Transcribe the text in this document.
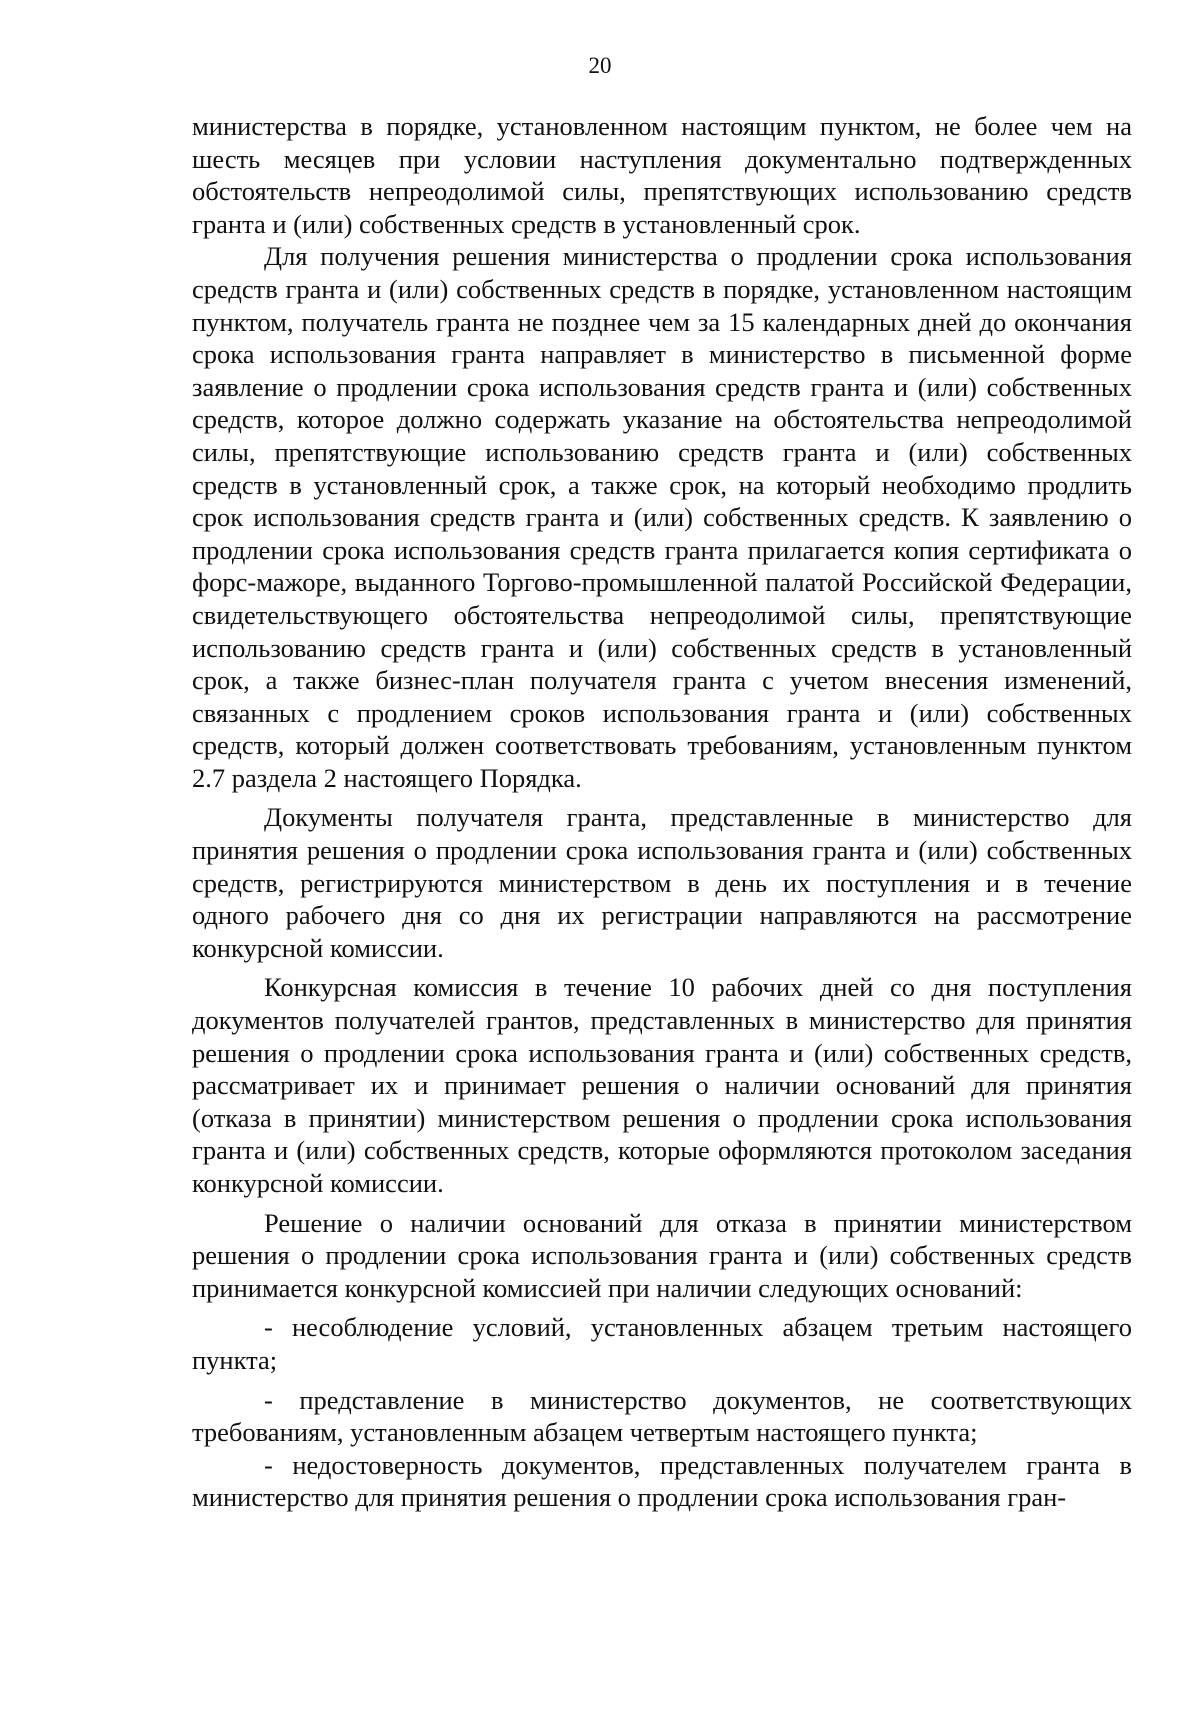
20

министерства в порядке, установленном настоящим пунктом, не более чем на шесть месяцев при условии наступления документально подтвержденных обстоятельств непреодолимой силы, препятствующих использованию средств гранта и (или) собственных средств в установленный срок.

Для получения решения министерства о продлении срока использования средств гранта и (или) собственных средств в порядке, установленном настоящим пунктом, получатель гранта не позднее чем за 15 календарных дней до окончания срока использования гранта направляет в министерство в письменной форме заявление о продлении срока использования средств гранта и (или) собственных средств, которое должно содержать указание на обстоятельства непреодолимой силы, препятствующие использованию средств гранта и (или) собственных средств в установленный срок, а также срок, на который необходимо продлить срок использования средств гранта и (или) собственных средств. К заявлению о продлении срока использования средств гранта прилагается копия сертификата о форс-мажоре, выданного Торгово-промышленной палатой Российской Федерации, свидетельствующего обстоятельства непреодолимой силы, препятствующие использованию средств гранта и (или) собственных средств в установленный срок, а также бизнес-план получателя гранта с учетом внесения изменений, связанных с продлением сроков использования гранта и (или) собственных средств, который должен соответствовать требованиям, установленным пунктом 2.7 раздела 2 настоящего Порядка.

Документы получателя гранта, представленные в министерство для принятия решения о продлении срока использования гранта и (или) собственных средств, регистрируются министерством в день их поступления и в течение одного рабочего дня со дня их регистрации направляются на рассмотрение конкурсной комиссии.

Конкурсная комиссия в течение 10 рабочих дней со дня поступления документов получателей грантов, представленных в министерство для принятия решения о продлении срока использования гранта и (или) собственных средств, рассматривает их и принимает решения о наличии оснований для принятия (отказа в принятии) министерством решения о продлении срока использования гранта и (или) собственных средств, которые оформляются протоколом заседания конкурсной комиссии.

Решение о наличии оснований для отказа в принятии министерством решения о продлении срока использования гранта и (или) собственных средств принимается конкурсной комиссией при наличии следующих оснований:

- несоблюдение условий, установленных абзацем третьим настоящего пункта;

- представление в министерство документов, не соответствующих требованиям, установленным абзацем четвертым настоящего пункта;

- недостоверность документов, представленных получателем гранта в министерство для принятия решения о продлении срока использования гран-
